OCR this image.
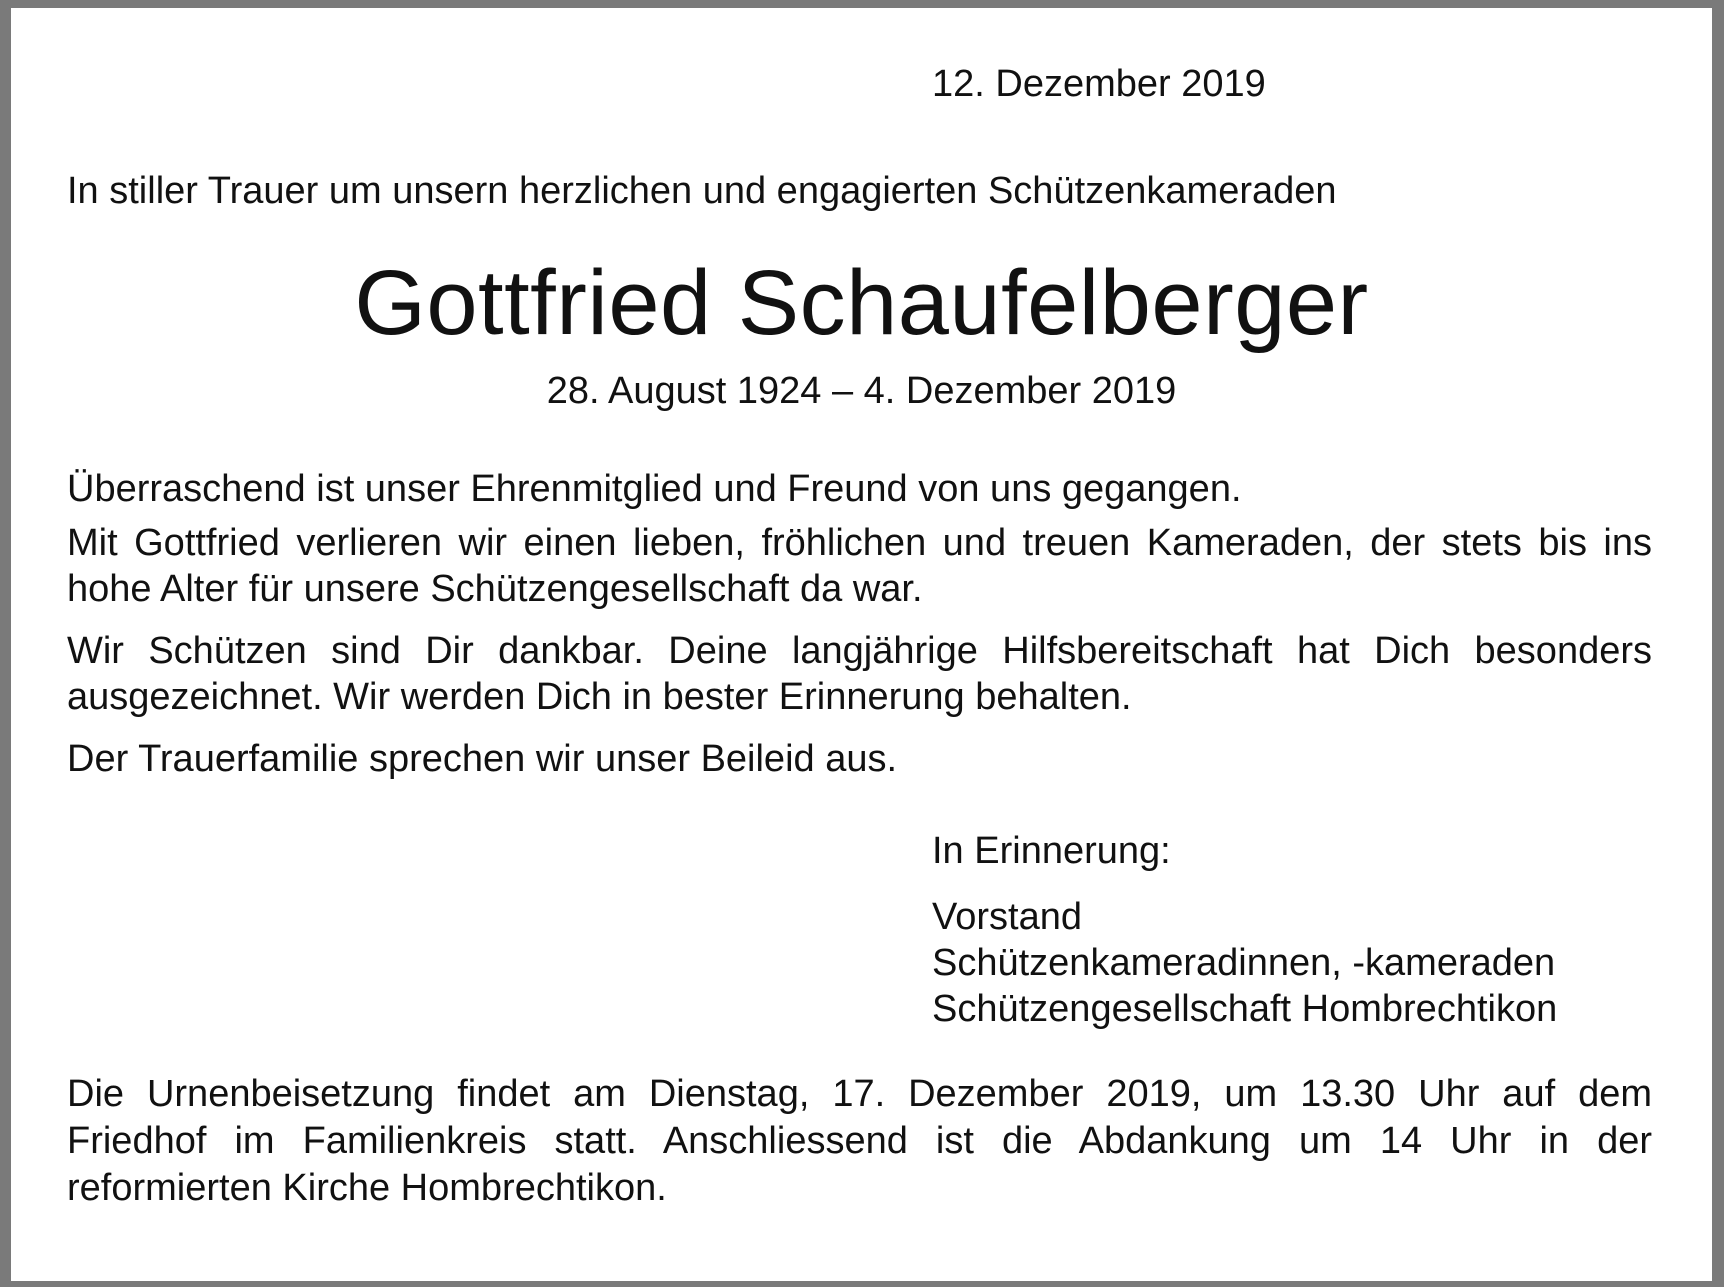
12. Dezember 2019
In stiller Trauer um unsern herzlichen und engagierten Schützenkameraden
Gottfried Schaufelberger
28. August 1924 – 4. Dezember 2019
Überraschend ist unser Ehrenmitglied und Freund von uns gegangen.
Mit Gottfried verlieren wir einen lieben, fröhlichen und treuen Kameraden, der stets bis ins hohe Alter für unsere Schützengesellschaft da war.
Wir Schützen sind Dir dankbar. Deine langjährige Hilfsbereitschaft hat Dich besonders ausgezeichnet. Wir werden Dich in bester Erinnerung behalten.
Der Trauerfamilie sprechen wir unser Beileid aus.
In Erinnerung:
Vorstand
Schützenkameradinnen, -kameraden
Schützengesellschaft Hombrechtikon
Die Urnenbeisetzung findet am Dienstag, 17. Dezember 2019, um 13.30 Uhr auf dem Friedhof im Familienkreis statt. Anschliessend ist die Abdankung um 14 Uhr in der reformierten Kirche Hombrechtikon.
